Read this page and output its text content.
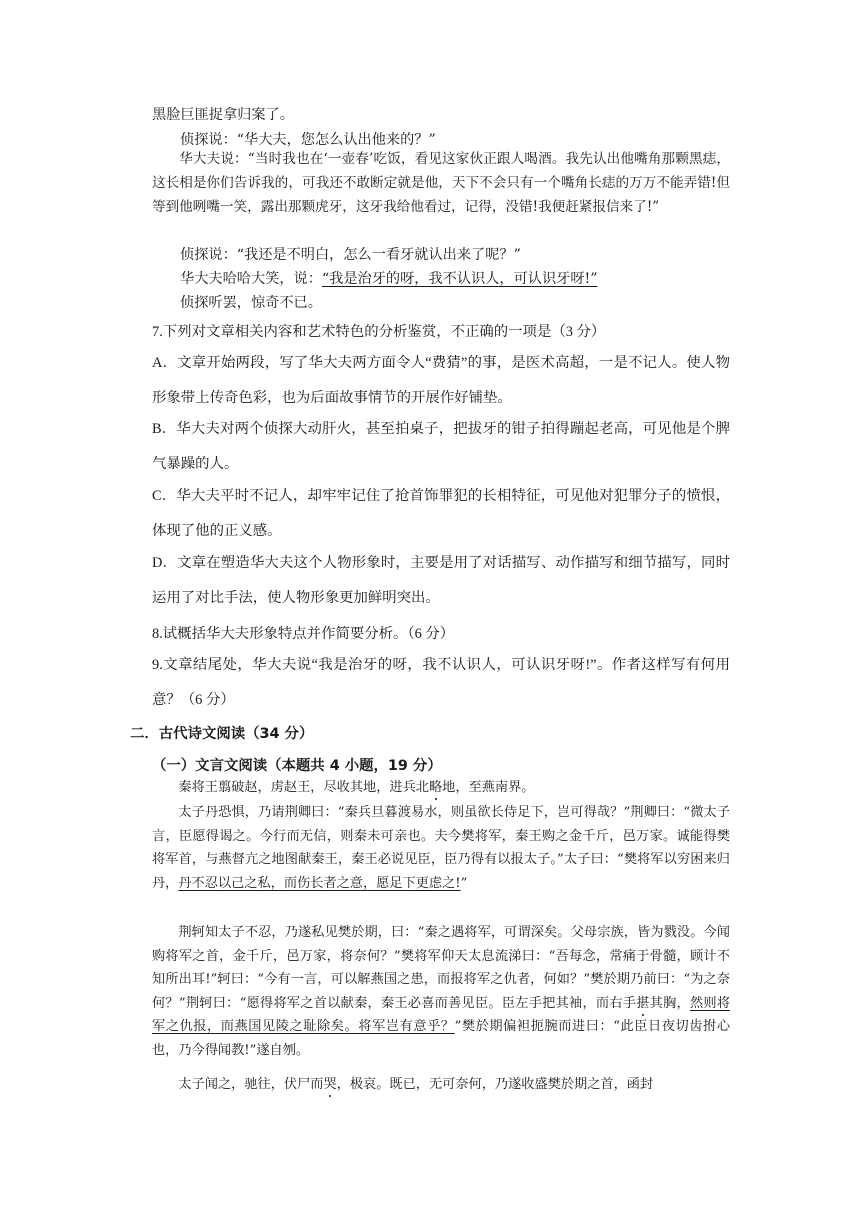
黑脸巨匪捉拿归案了。
侦探说：“华大夫，您怎么认出他来的？”
华大夫说：“当时我也在‘一壶春’吃饭，看见这家伙正跟人喝酒。我先认出他嘴角那颗黑痣，这长相是你们告诉我的，可我还不敢断定就是他，天下不会只有一个嘴角长痣的万万不能弄错!但等到他咧嘴一笑，露出那颗虎牙，这牙我给他看过，记得，没错!我便赶紧报信来了!”
侦探说：“我还是不明白，怎么一看牙就认出来了呢？”
华大夫哈哈大笑，说：“我是治牙的呀，我不认识人，可认识牙呀!”
侦探听罢，惊奇不已。
7.下列对文章相关内容和艺术特色的分析鉴赏，不正确的一项是（3 分）
A．文章开始两段，写了华大夫两方面令人“费猜”的事，是医术高超，一是不记人。使人物形象带上传奇色彩，也为后面故事情节的开展作好铺垫。
B．华大夫对两个侦探大动肝火，甚至拍桌子，把拔牙的钳子拍得蹦起老高，可见他是个脾气暴躁的人。
C．华大夫平时不记人，却牢牢记住了抢首饰罪犯的长相特征，可见他对犯罪分子的愤恨，体现了他的正义感。
D．文章在塑造华大夫这个人物形象时，主要是用了对话描写、动作描写和细节描写，同时运用了对比手法，使人物形象更加鲜明突出。
8.试概括华大夫形象特点并作简要分析。（6 分）
9.文章结尾处，华大夫说“我是治牙的呀，我不认识人，可认识牙呀!”。作者这样写有何用意？（6 分）
二．古代诗文阅读（34 分）
（一）文言文阅读（本题共 4 小题，19 分）
秦将王翦破赵，虏赵王，尽收其地，进兵北略地，至燕南界。
太子丹恐惧，乃请荆卿曰：“秦兵旦暮渡易水，则虽欲长侍足下，岂可得哉？”荆卿曰：“微太子言，臣愿得谒之。今行而无信，则秦未可亲也。夫今樊将军，秦王购之金千斤，邑万家。诚能得樊将军首，与燕督亢之地图献秦王，秦王必说见臣，臣乃得有以报太子。”太子曰：“樊将军以穷困来归丹，丹不忍以己之私，而伤长者之意，愿足下更虑之!”
荆轲知太子不忍，乃遂私见樊於期，曰：“秦之遇将军，可谓深矣。父母宗族，皆为戮没。今闻购将军之首，金千斤，邑万家，将奈何？”樊将军仰天太息流涕曰：“吾每念，常痛于骨髓，顾计不知所出耳!”轲曰：“今有一言，可以解燕国之患，而报将军之仇者，何如？”樊於期乃前曰：“为之奈何？”荆轲曰：“愿得将军之首以献秦，秦王必喜而善见臣。臣左手把其袖，而右手揕其胸，然则将军之仇报，而燕国见陵之耻除矣。将军岂有意乎？”樊於期偏袒扼腕而进曰：“此臣日夜切齿拊心也，乃今得闻教!”遂自刎。
太子闻之，驰往，伏尸而哭，极哀。既已，无可奈何，乃遂收盛樊於期之首，函封
